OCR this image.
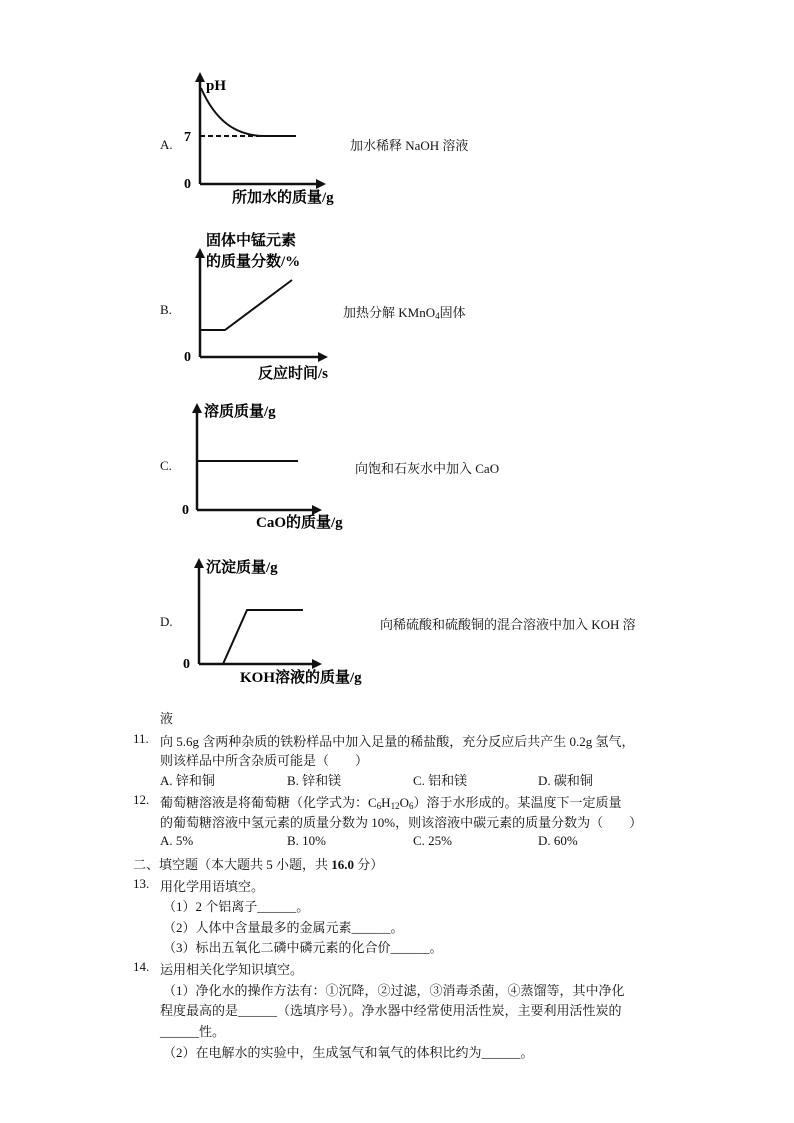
A.
pH
7
0
所加水的质量/g
加水稀释 NaOH 溶液
B.
固体中锰元素
的质量分数/%
0
反应时间/s
加热分解 KMnO$_4$固体
C.
溶质质量/g
0
CaO的质量/g
向饱和石灰水中加入 CaO
D.
沉淀质量/g
0
KOH溶液的质量/g
向稀硫酸和硫酸铜的混合溶液中加入 KOH 溶
液
11. 向 5.6g 含两种杂质的铁粉样品中加入足量的稀盐酸，充分反应后共产生 0.2g 氢气，
则该样品中所含杂质可能是（　　）
A. 锌和铜	B. 锌和镁	C. 铝和镁	D. 碳和铜
12. 葡萄糖溶液是将葡萄糖（化学式为：$C_6H_{12}O_6$）溶于水形成的。某温度下一定质量
的葡萄糖溶液中氢元素的质量分数为 10%，则该溶液中碳元素的质量分数为（　　）
A. 5%	B. 10%	C. 25%	D. 60%
二、填空题（本大题共 5 小题，共 16.0 分）
13. 用化学用语填空。
（1）2 个铝离子______。
（2）人体中含量最多的金属元素______。
（3）标出五氧化二磷中磷元素的化合价______。
14. 运用相关化学知识填空。
（1）净化水的操作方法有：①沉降，②过滤，③消毒杀菌，④蒸馏等，其中净化
程度最高的是______（选填序号）。净水器中经常使用活性炭，主要利用活性炭的
______性。
（2）在电解水的实验中，生成氢气和氧气的体积比约为______。
